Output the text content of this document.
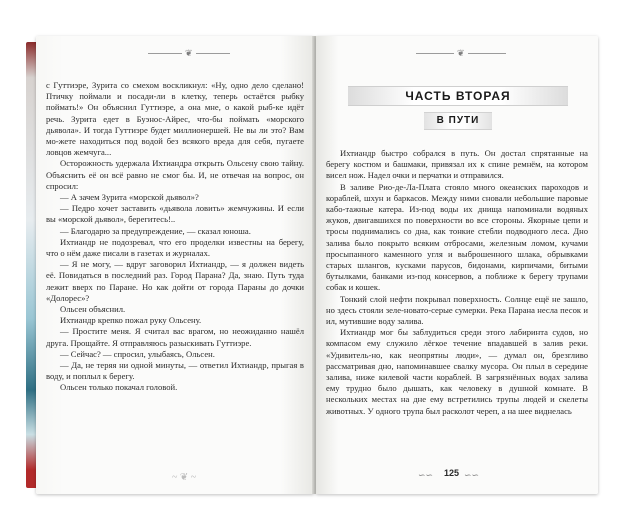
❦
~ ❦ ~
❦

с Гуттиэре, Зурита со смехом воскликнул: «Ну, одно дело сделано! Птичку поймали и посади-ли в клетку, теперь остаётся рыбку поймать!» Он объяснил Гуттиэре, а она мне, о какой рыб-ке идёт речь. Зурита едет в Буэнос-Айрес, что-бы поймать «морского дьявола». И тогда Гуттиэре будет миллионершей. Не вы ли это? Вам мо-жете находиться под водой без всякого вреда для себя, пугаете ловцов жемчуга...

Осторожность удержала Ихтиандра открыть Ольсену свою тайну. Объяснить её он всё равно не смог бы. И, не отвечая на вопрос, он спросил:

— А зачем Зурита «морской дьявол»?

— Педро хочет заставить «дьявола ловить» жемчужины. И если вы «морской дьявол», берегитесь!..

— Благодарю за предупреждение, — сказал юноша.

Ихтиандр не подозревал, что его проделки известны на берегу, что о нём даже писали в газетах и журналах.

— Я не могу, — вдруг заговорил Ихтиандр, — я должен видеть её. Повидаться в последний раз. Город Парана? Да, знаю. Путь туда лежит вверх по Паране. Но как дойти от города Параны до дочки «Долорес»?

Ольсен объяснил.

Ихтиандр крепко пожал руку Ольсену.

— Простите меня. Я считал вас врагом, но неожиданно нашёл друга. Прощайте. Я отправляюсь разыскивать Гуттиэре.

— Сейчас? — спросил, улыбаясь, Ольсен.

— Да, не теряя ни одной минуты, — ответил Ихтиандр, прыгая в воду, и поплыл к берегу.

Ольсен только покачал головой.

ЧАСТЬ ВТОРАЯ
В ПУТИ

Ихтиандр быстро собрался в путь. Он достал спрятанные на берегу костюм и башмаки, привязал их к спине ремнём, на котором висел нож. Надел очки и перчатки и отправился.

В заливе Рио-де-Ла-Плата стояло много океанских пароходов и кораблей, шхун и баркасов. Между ними сновали небольшие паровые кабо-тажные катера. Из-под воды их днища напоминали водяных жуков, двигавшихся по поверхности во все стороны. Якорные цепи и тросы поднимались со дна, как тонкие стебли подводного леса. Дно залива было покрыто всяким отбросами, железным ломом, кучами просыпанного каменного угля и выброшенного шлака, обрывками старых шлангов, кусками парусов, бидонами, кирпичами, битыми бутылками, банками из-под консервов, а поближе к берегу трупами собак и кошек.

Тонкий слой нефти покрывал поверхность. Солнце ещё не зашло, но здесь стояли зеле-новато-серые сумерки. Река Парана несла песок и ил, мутившие воду залива.

Ихтиандр мог бы заблудиться среди этого лабиринта судов, но компасом ему служило лёгкое течение впадавшей в залив реки. «Удивитель-но, как неопрятны люди», — думал он, брезгливо рассматривая дно, напоминавшее свалку мусора. Он плыл в середине залива, ниже килевой части кораблей. В загрязнённых водах залива ему трудно было дышать, как человеку в душной комнате. В нескольких местах на дне ему встретились трупы людей и скелеты животных. У одного трупа был расколот череп, а на шее виднелась

∽∽ 125 ∽∽
